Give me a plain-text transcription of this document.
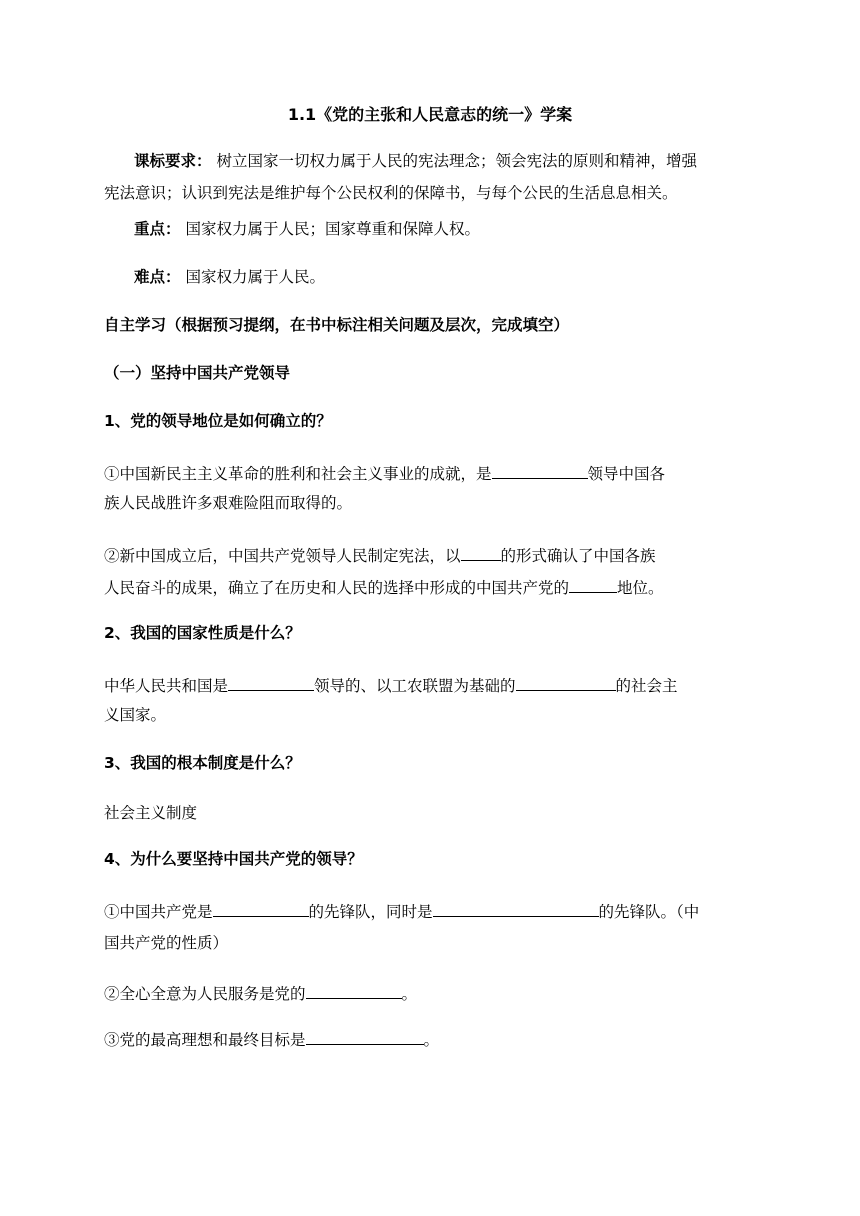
1.1《党的主张和人民意志的统一》学案
课标要求： 树立国家一切权力属于人民的宪法理念；领会宪法的原则和精神，增强
宪法意识；认识到宪法是维护每个公民权利的保障书，与每个公民的生活息息相关。
重点： 国家权力属于人民；国家尊重和保障人权。
难点： 国家权力属于人民。
自主学习（根据预习提纲，在书中标注相关问题及层次，完成填空）
（一）坚持中国共产党领导
1、党的领导地位是如何确立的？
①中国新民主主义革命的胜利和社会主义事业的成就，是	领导中国各
族人民战胜许多艰难险阻而取得的。
②新中国成立后，中国共产党领导人民制定宪法，以	的形式确认了中国各族
人民奋斗的成果，确立了在历史和人民的选择中形成的中国共产党的	地位。
2、我国的国家性质是什么？
中华人民共和国是	领导的、以工农联盟为基础的	的社会主
义国家。
3、我国的根本制度是什么？
社会主义制度
4、为什么要坚持中国共产党的领导？
①中国共产党是	的先锋队，同时是	的先锋队。（中
国共产党的性质）
②全心全意为人民服务是党的	。
③党的最高理想和最终目标是	。
